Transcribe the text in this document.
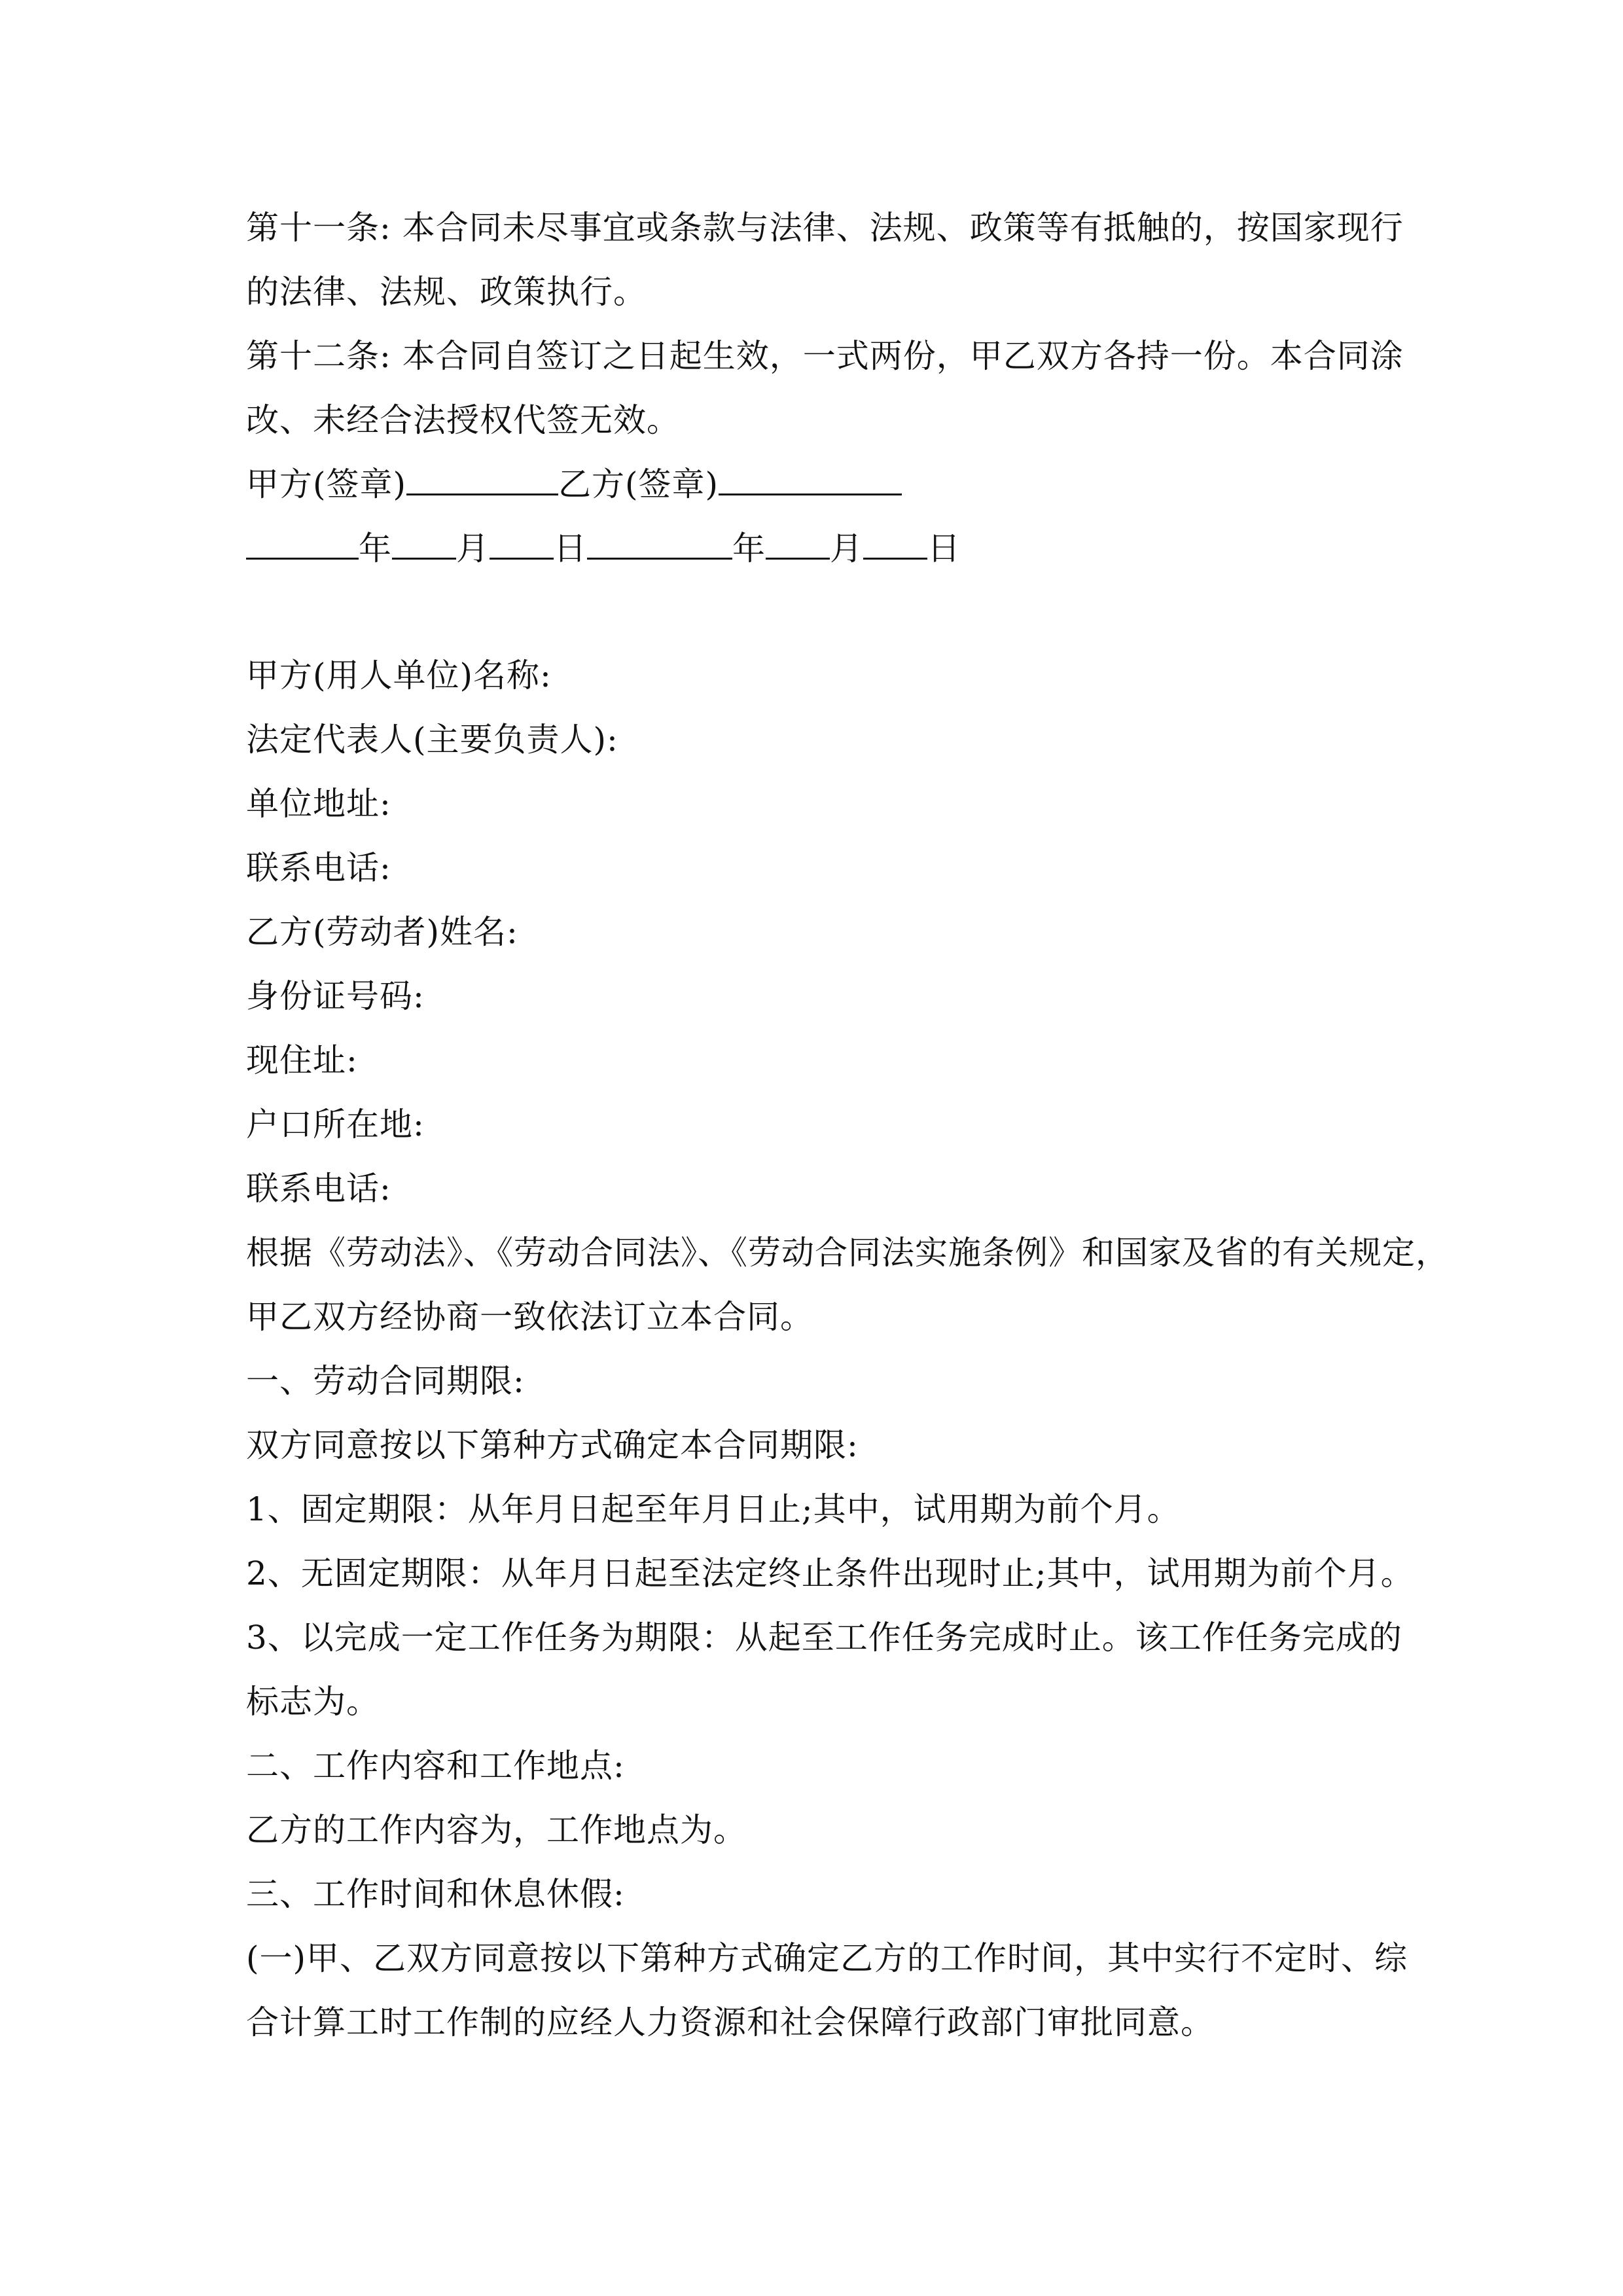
第十一条: 本合同未尽事宜或条款与法律、法规、政策等有抵触的，按国家现行
的法律、法规、政策执行。
第十二条: 本合同自签订之日起生效，一式两份，甲乙双方各持一份。本合同涂
改、未经合法授权代签无效。
甲方(签章)	乙方(签章)
年 月 日	年 月 日
甲方(用人单位)名称:
法定代表人(主要负责人):
单位地址:
联系电话:
乙方(劳动者)姓名:
身份证号码:
现住址:
户口所在地:
联系电话:
根据《劳动法》、《劳动合同法》、《劳动合同法实施条例》和国家及省的有关规定，
甲乙双方经协商一致依法订立本合同。
一、劳动合同期限:
双方同意按以下第种方式确定本合同期限:
1、固定期限：从年月日起至年月日止;其中，试用期为前个月。
2、无固定期限：从年月日起至法定终止条件出现时止;其中，试用期为前个月。
3、以完成一定工作任务为期限：从起至工作任务完成时止。该工作任务完成的
标志为。
二、工作内容和工作地点:
乙方的工作内容为，工作地点为。
三、工作时间和休息休假:
(一)甲、乙双方同意按以下第种方式确定乙方的工作时间，其中实行不定时、综
合计算工时工作制的应经人力资源和社会保障行政部门审批同意。
